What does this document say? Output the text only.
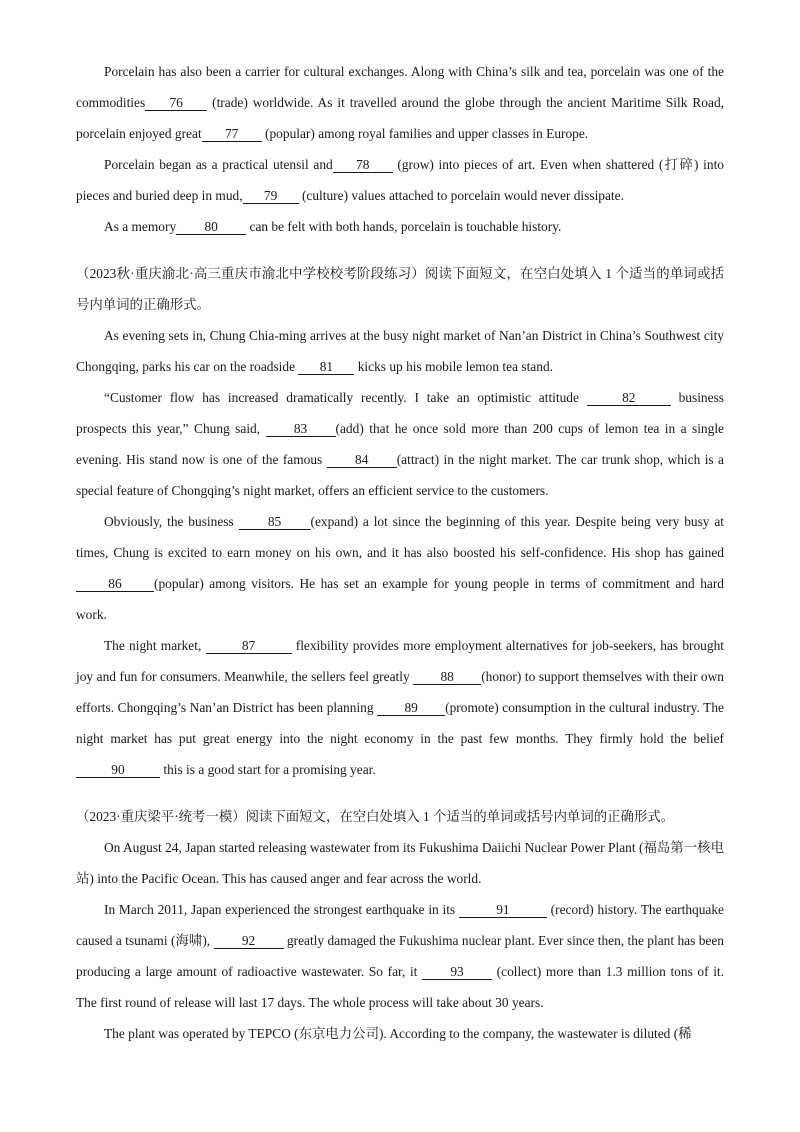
Porcelain has also been a carrier for cultural exchanges. Along with China’s silk and tea, porcelain was one of the commodities 76 (trade) worldwide. As it travelled around the globe through the ancient Maritime Silk Road, porcelain enjoyed great 77 (popular) among royal families and upper classes in Europe.

Porcelain began as a practical utensil and 78 (grow) into pieces of art. Even when shattered (打碎) into pieces and buried deep in mud, 79 (culture) values attached to porcelain would never dissipate.

As a memory 80 can be felt with both hands, porcelain is touchable history.

（2023秋·重庆渝北·高三重庆市渝北中学校校考阶段练习）阅读下面短文，在空白处填入 1 个适当的单词或括号内单词的正确形式。

As evening sets in, Chung Chia-ming arrives at the busy night market of Nan’an District in China’s Southwest city Chongqing, parks his car on the roadside 81 kicks up his mobile lemon tea stand.

“Customer flow has increased dramatically recently. I take an optimistic attitude	82	business prospects this year,” Chung said, 83 (add) that he once sold more than 200 cups of lemon tea in a single evening. His stand now is one of the famous 84 (attract) in the night market. The car trunk shop, which is a special feature of Chongqing’s night market, offers an efficient service to the customers.

Obviously, the business 85 (expand) a lot since the beginning of this year. Despite being very busy at times, Chung is excited to earn money on his own, and it has also boosted his self-confidence. His shop has gained 86 (popular) among visitors. He has set an example for young people in terms of commitment and hard work.

The night market,	87	flexibility provides more employment alternatives for job-seekers, has brought joy and fun for consumers. Meanwhile, the sellers feel greatly 88 (honor) to support themselves with their own efforts. Chongqing’s Nan’an District has been planning 89 (promote) consumption in the cultural industry. The night market has put great energy into the night economy in the past few months. They firmly hold the belief 90	this is a good start for a promising year.

（2023·重庆梁平·统考一模）阅读下面短文，在空白处填入 1 个适当的单词或括号内单词的正确形式。

On August 24, Japan started releasing wastewater from its Fukushima Daiichi Nuclear Power Plant (福岛第一核电站) into the Pacific Ocean. This has caused anger and fear across the world.

In March 2011, Japan experienced the strongest earthquake in its	91	(record) history. The earthquake caused a tsunami (海啸), 92 greatly damaged the Fukushima nuclear plant. Ever since then, the plant has been producing a large amount of radioactive wastewater. So far, it 93 (collect) more than 1.3 million tons of it. The first round of release will last 17 days. The whole process will take about 30 years.

The plant was operated by TEPCO (东京电力公司). According to the company, the wastewater is diluted (稀
